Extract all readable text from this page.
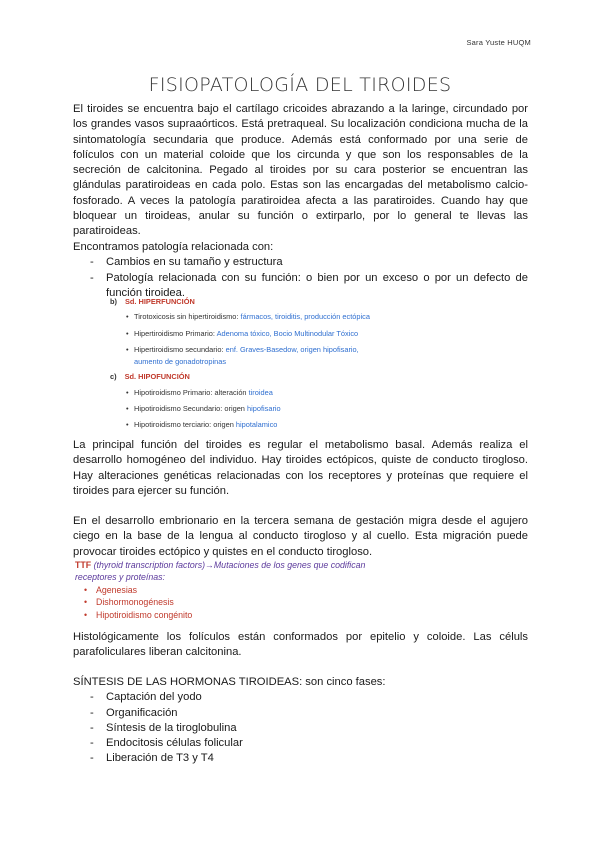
Sara Yuste HUQM
FISIOPATOLOGÍA DEL TIROIDES

El tiroides se encuentra bajo el cartílago cricoides abrazando a la laringe, circundado por los grandes vasos supraaórticos. Está pretraqueal. Su localización condiciona mucha de la sintomatología secundaria que produce. Además está conformado por una serie de folículos con un material coloide que los circunda y que son los responsables de la secreción de calcitonina. Pegado al tiroides por su cara posterior se encuentran las glándulas paratiroideas en cada polo. Estas son las encargadas del metabolismo calcio-fosforado. A veces la patología paratiroidea afecta a las paratiroides. Cuando hay que bloquear un tiroideas, anular su función o extirparlo, por lo general te llevas las paratiroideas.

Encontramos patología relacionada con:

- Cambios en su tamaño y estructura
- Patología relacionada con su función: o bien por un exceso o por un defecto de función tiroidea.
b) Sd. HIPERFUNCIÓN
• Tirotoxicosis sin hipertiroidismo: fármacos, tiroiditis, producción ectópica
• Hipertiroidismo Primario: Adenoma tóxico, Bocio Multinodular Tóxico
• Hipertiroidismo secundario: enf. Graves-Basedow, origen hipofisario,
aumento de gonadotropinas
c) Sd. HIPOFUNCIÓN
• Hipotiroidismo Primario: alteración tiroidea
• Hipotiroidismo Secundario: origen hipofisario
• Hipotiroidismo terciario: origen hipotalamico

La principal función del tiroides es regular el metabolismo basal. Además realiza el desarrollo homogéneo del individuo. Hay tiroides ectópicos, quiste de conducto tirogloso. Hay alteraciones genéticas relacionadas con los receptores y proteínas que requiere el tiroides para ejercer su función.

En el desarrollo embrionario en la tercera semana de gestación migra desde el agujero ciego en la base de la lengua al conducto tirogloso y al cuello. Esta migración puede provocar tiroides ectópico y quistes en el conducto tirogloso.

TTF (thyroid transcription factors)→Mutaciones de los genes que codifican
receptores y proteínas:
• Agenesias
• Dishormonogénesis
• Hipotiroidismo congénito

Histológicamente los folículos están conformados por epitelio y coloide. Las céluls parafoliculares liberan calcitonina.

SÍNTESIS DE LAS HORMONAS TIROIDEAS: son cinco fases:

- Captación del yodo
- Organificación
- Síntesis de la tiroglobulina
- Endocitosis células folicular
- Liberación de T3 y T4
